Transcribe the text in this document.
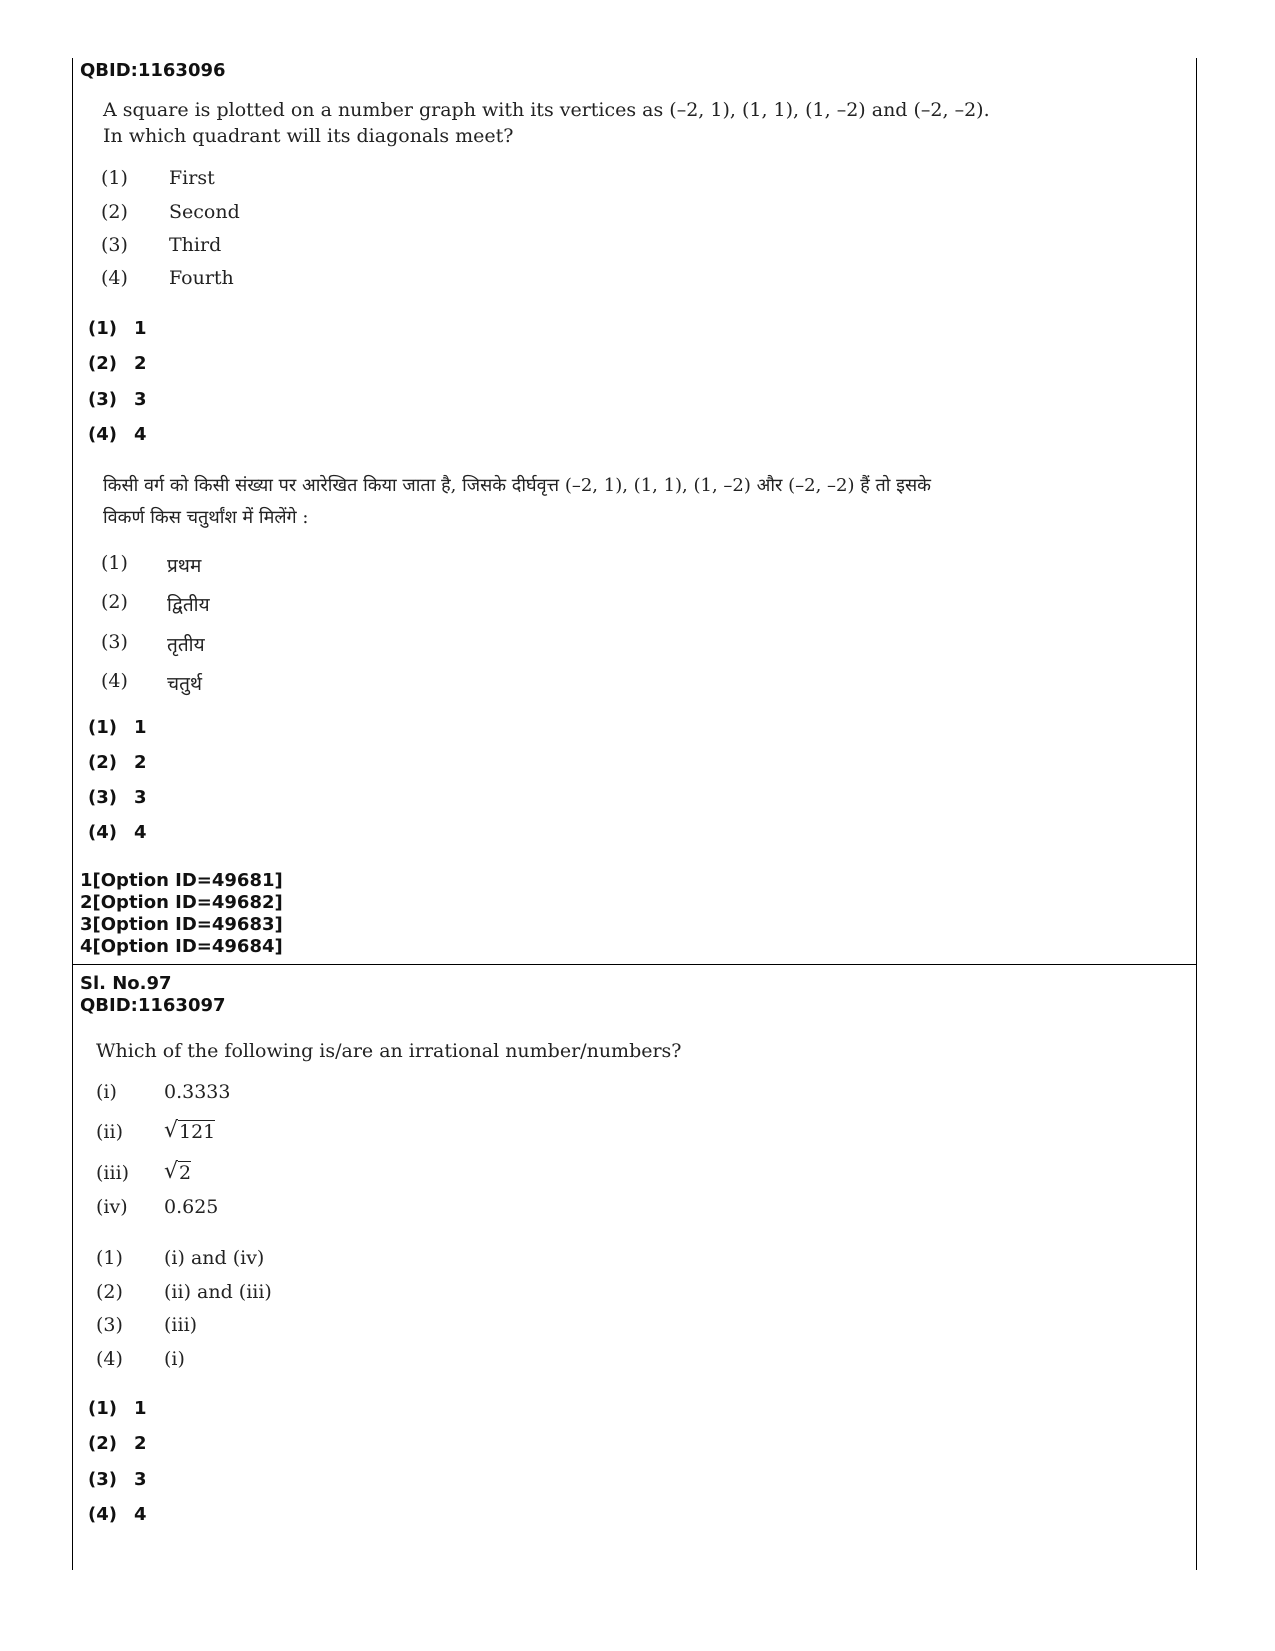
QBID:1163096
A square is plotted on a number graph with its vertices as (–2, 1), (1, 1), (1, –2) and (–2, –2).
In which quadrant will its diagonals meet?
(1) First
(2) Second
(3) Third
(4) Fourth
(1) 1
(2) 2
(3) 3
(4) 4
किसी वर्ग को किसी संख्या पर आरेखित किया जाता है, जिसके दीर्घवृत्त (–2, 1), (1, 1), (1, –2) और (–2, –2) हैं तो इसके
विकर्ण किस चतुर्थांश में मिलेंगे :
(1) प्रथम
(2) द्वितीय
(3) तृतीय
(4) चतुर्थ
(1) 1
(2) 2
(3) 3
(4) 4
1[Option ID=49681]
2[Option ID=49682]
3[Option ID=49683]
4[Option ID=49684]
Sl. No.97
QBID:1163097
Which of the following is/are an irrational number/numbers?
(i) 0.3333
(ii) √ 121
(iii) √ 2
(iv) 0.625
(1) (i) and (iv)
(2) (ii) and (iii)
(3) (iii)
(4) (i)
(1) 1
(2) 2
(3) 3
(4) 4
